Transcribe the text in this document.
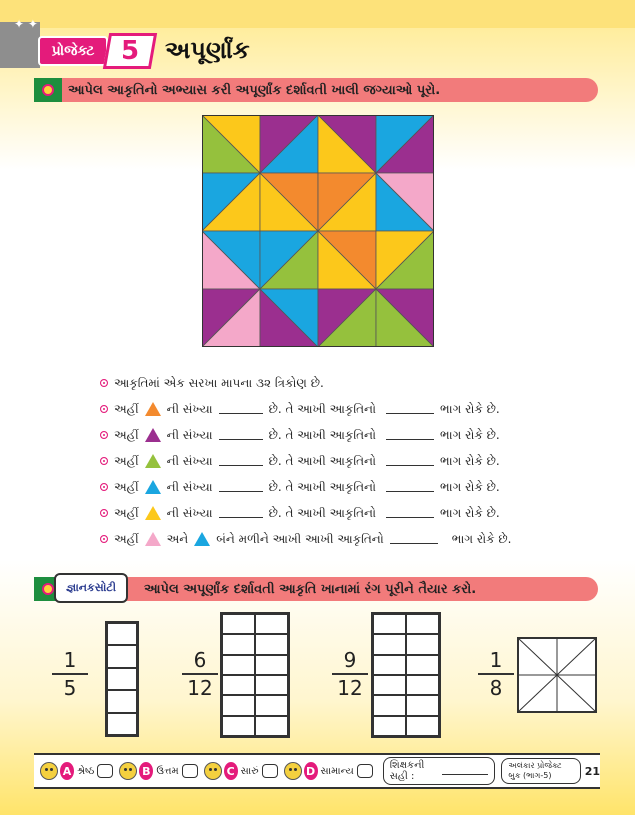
✦ ✦
પ્રોજેક્ટ	5 અપૂર્ણાંક
આપેલ આકૃતિનો અભ્યાસ કરી અપૂર્ણાંક દર્શાવતી ખાલી જગ્યાઓ પૂરો.
આકૃતિમાં એક સરખા માપના ૩૨ ત્રિકોણ છે.
અહીં ની સંખ્યા	છે. તે આખી આકૃતિનો	ભાગ રોકે છે.
અહીં ની સંખ્યા	છે. તે આખી આકૃતિનો	ભાગ રોકે છે.
અહીં ની સંખ્યા	છે. તે આખી આકૃતિનો	ભાગ રોકે છે.
અહીં ની સંખ્યા	છે. તે આખી આકૃતિનો	ભાગ રોકે છે.
અહીં ની સંખ્યા	છે. તે આખી આકૃતિનો	ભાગ રોકે છે.
અહીં અને બંને મળીને આખી આખી આકૃતિનો	ભાગ રોકે છે.
આપેલ અપૂર્ણાંક દર્શાવતી આકૃતિ ખાનામાં રંગ પૂરીને તૈયાર કરો.
જ્ઞાનકસોટી
1
5
6
12
9
12
1
8
A શ્રેષ્ઠ	B ઉત્તમ	C સારું	D સામાન્ય	શિક્ષકની સહી :
અલંકાર પ્રોજેક્ટ બુક (ભાગ-5)	21
